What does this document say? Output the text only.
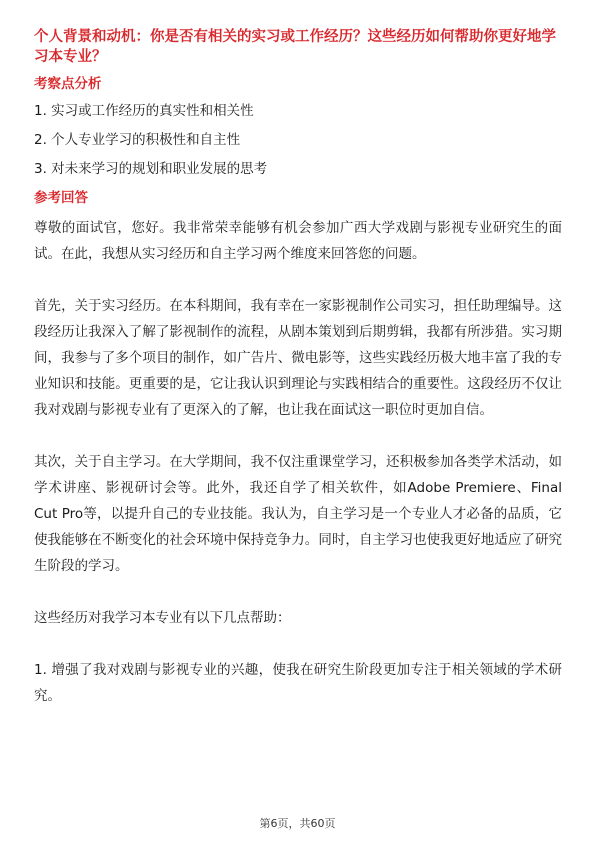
个人背景和动机：你是否有相关的实习或工作经历？这些经历如何帮助你更好地学习本专业？

考察点分析

1. 实习或工作经历的真实性和相关性

2. 个人专业学习的积极性和自主性

3. 对未来学习的规划和职业发展的思考

参考回答

尊敬的面试官，您好。我非常荣幸能够有机会参加广西大学戏剧与影视专业研究生的面试。在此，我想从实习经历和自主学习两个维度来回答您的问题。

首先，关于实习经历。在本科期间，我有幸在一家影视制作公司实习，担任助理编导。这段经历让我深入了解了影视制作的流程，从剧本策划到后期剪辑，我都有所涉猎。实习期间，我参与了多个项目的制作，如广告片、微电影等，这些实践经历极大地丰富了我的专业知识和技能。更重要的是，它让我认识到理论与实践相结合的重要性。这段经历不仅让我对戏剧与影视专业有了更深入的了解，也让我在面试这一职位时更加自信。

其次，关于自主学习。在大学期间，我不仅注重课堂学习，还积极参加各类学术活动，如学术讲座、影视研讨会等。此外，我还自学了相关软件，如Adobe Premiere、Final Cut Pro等，以提升自己的专业技能。我认为，自主学习是一个专业人才必备的品质，它使我能够在不断变化的社会环境中保持竞争力。同时，自主学习也使我更好地适应了研究生阶段的学习。

这些经历对我学习本专业有以下几点帮助：

1. 增强了我对戏剧与影视专业的兴趣，使我在研究生阶段更加专注于相关领域的学术研究。

第6页，共60页
